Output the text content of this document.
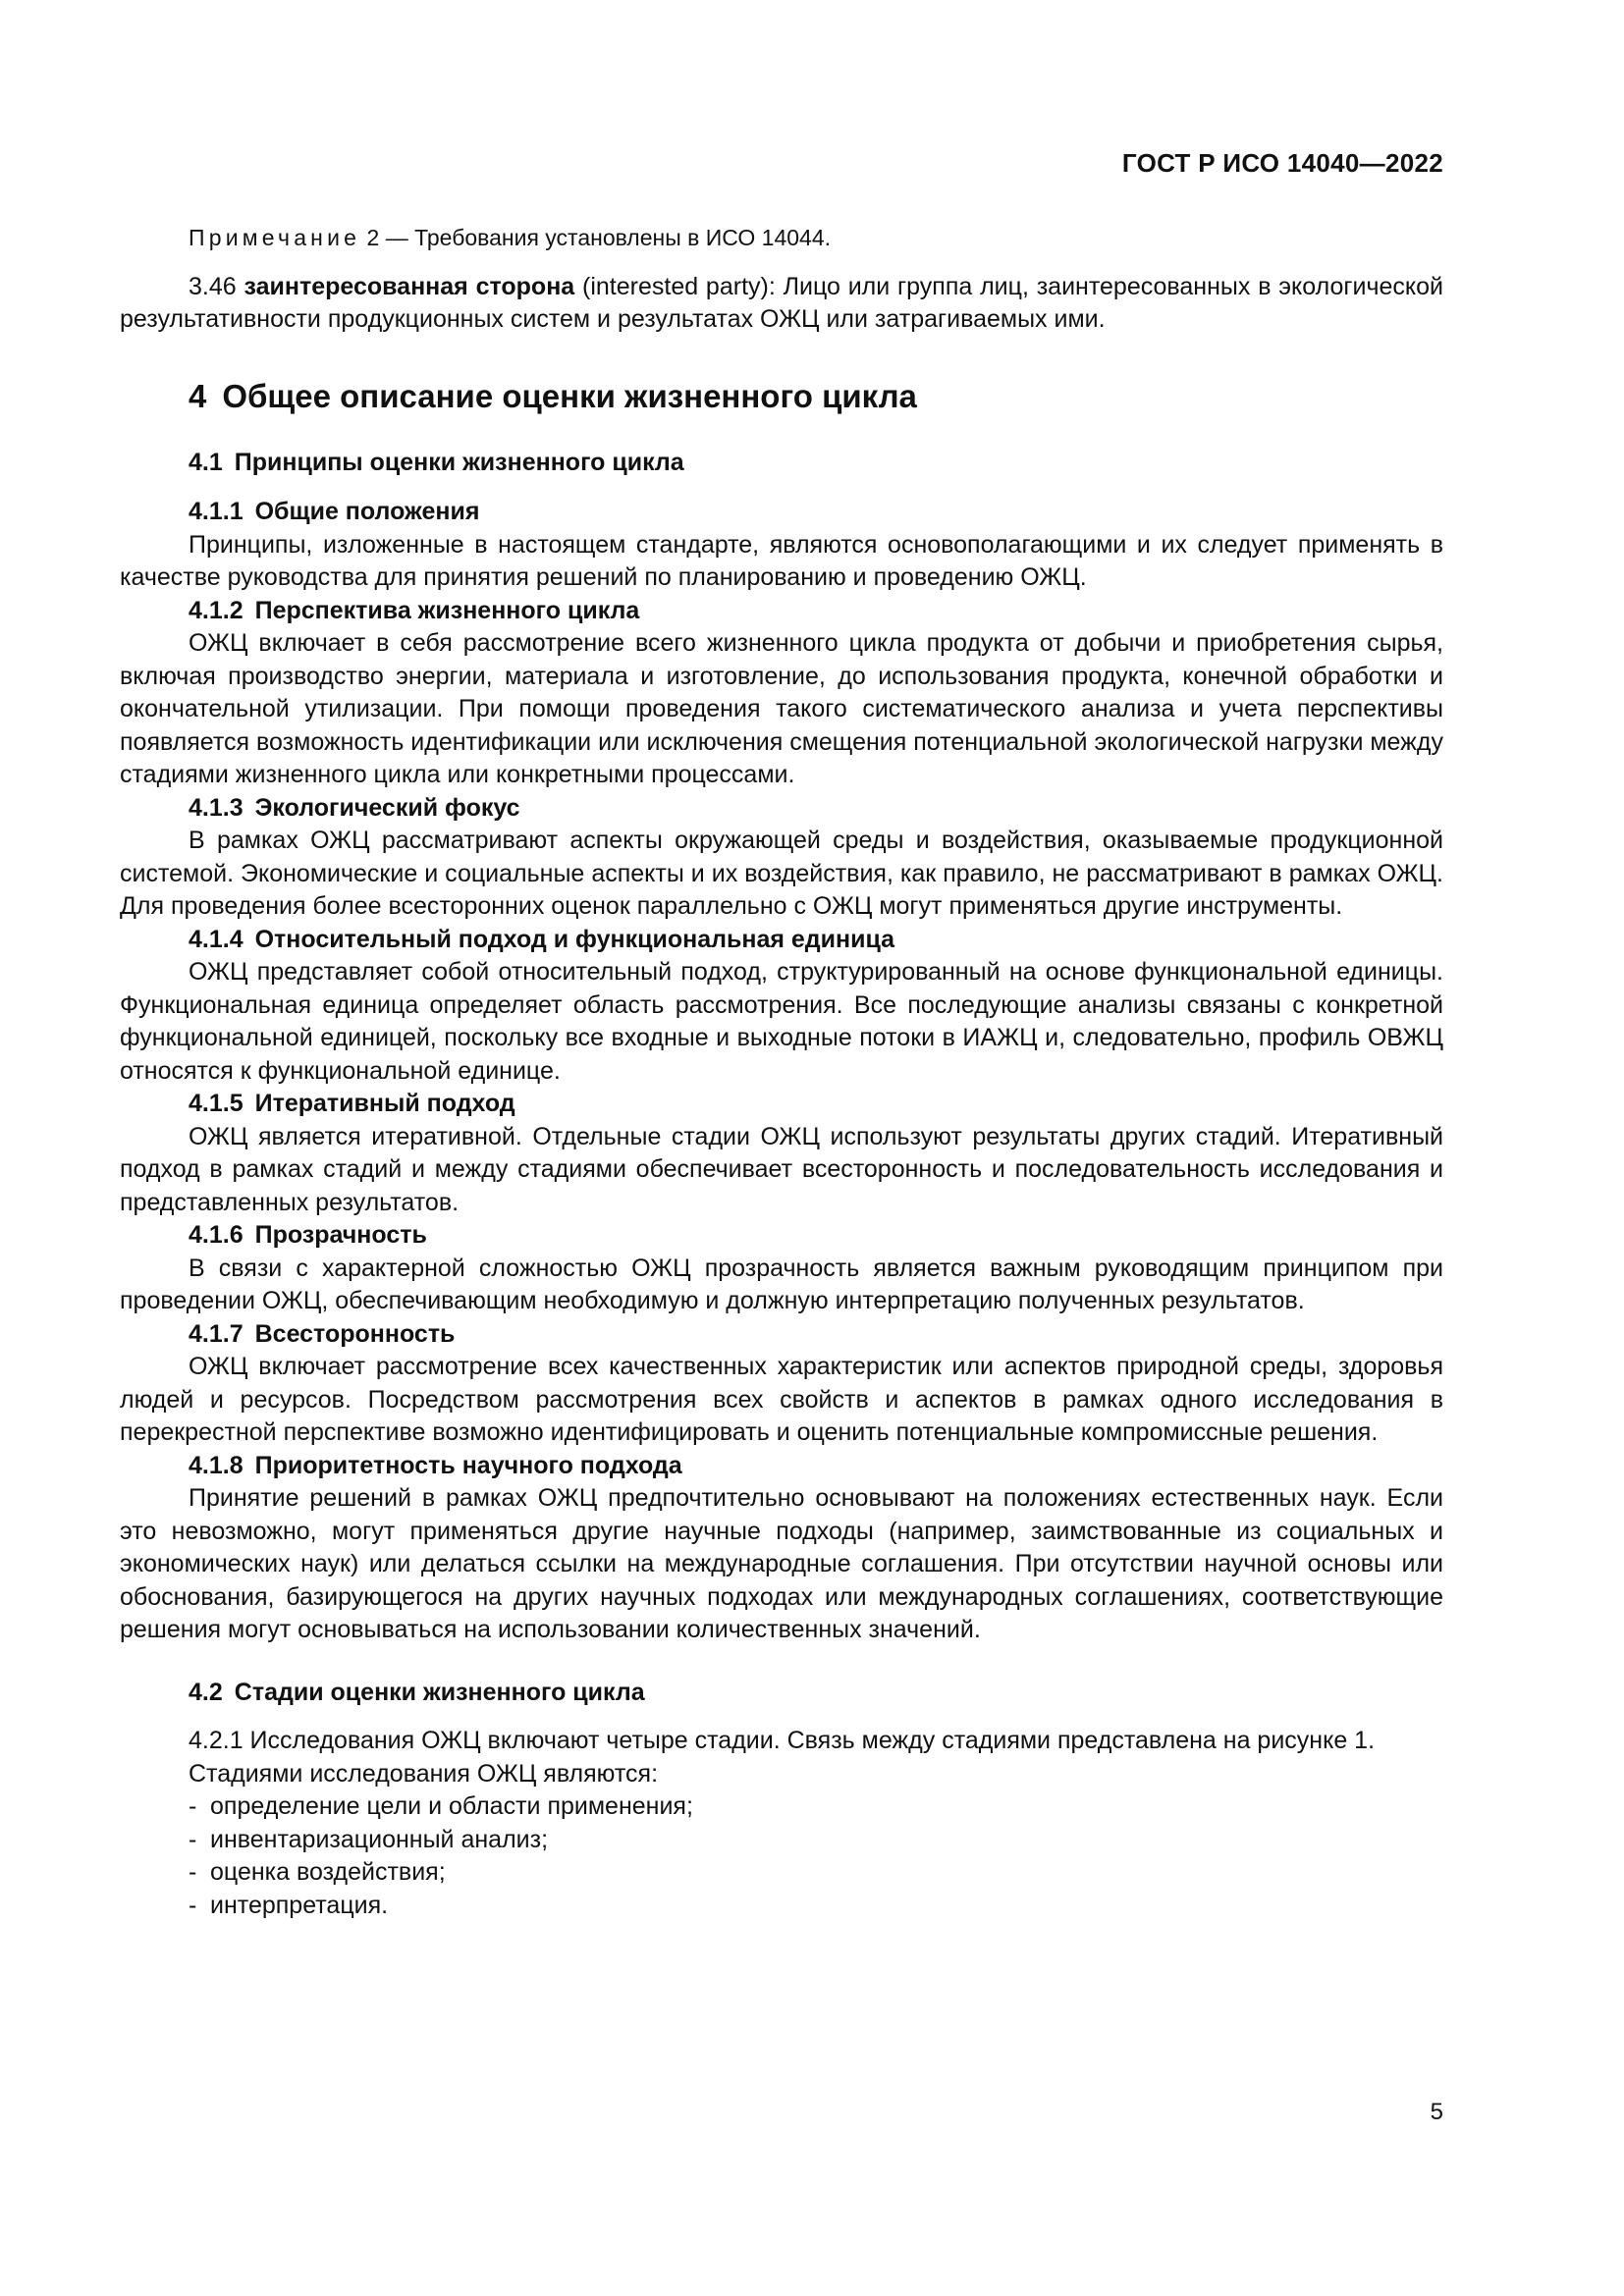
ГОСТ Р ИСО 14040—2022

Примечание 2 — Требования установлены в ИСО 14044.

3.46 заинтересованная сторона (interested party): Лицо или группа лиц, заинтересованных в экологической результативности продукционных систем и результатах ОЖЦ или затрагиваемых ими.

4 Общее описание оценки жизненного цикла
4.1 Принципы оценки жизненного цикла
4.1.1 Общие положения

Принципы, изложенные в настоящем стандарте, являются основополагающими и их следует применять в качестве руководства для принятия решений по планированию и проведению ОЖЦ.

4.1.2 Перспектива жизненного цикла

ОЖЦ включает в себя рассмотрение всего жизненного цикла продукта от добычи и приобретения сырья, включая производство энергии, материала и изготовление, до использования продукта, конечной обработки и окончательной утилизации. При помощи проведения такого систематического анализа и учета перспективы появляется возможность идентификации или исключения смещения потенциальной экологической нагрузки между стадиями жизненного цикла или конкретными процессами.

4.1.3 Экологический фокус

В рамках ОЖЦ рассматривают аспекты окружающей среды и воздействия, оказываемые продукционной системой. Экономические и социальные аспекты и их воздействия, как правило, не рассматривают в рамках ОЖЦ. Для проведения более всесторонних оценок параллельно с ОЖЦ могут применяться другие инструменты.

4.1.4 Относительный подход и функциональная единица

ОЖЦ представляет собой относительный подход, структурированный на основе функциональной единицы. Функциональная единица определяет область рассмотрения. Все последующие анализы связаны с конкретной функциональной единицей, поскольку все входные и выходные потоки в ИАЖЦ и, следовательно, профиль ОВЖЦ относятся к функциональной единице.

4.1.5 Итеративный подход

ОЖЦ является итеративной. Отдельные стадии ОЖЦ используют результаты других стадий. Итеративный подход в рамках стадий и между стадиями обеспечивает всесторонность и последовательность исследования и представленных результатов.

4.1.6 Прозрачность

В связи с характерной сложностью ОЖЦ прозрачность является важным руководящим принципом при проведении ОЖЦ, обеспечивающим необходимую и должную интерпретацию полученных результатов.

4.1.7 Всесторонность

ОЖЦ включает рассмотрение всех качественных характеристик или аспектов природной среды, здоровья людей и ресурсов. Посредством рассмотрения всех свойств и аспектов в рамках одного исследования в перекрестной перспективе возможно идентифицировать и оценить потенциальные компромиссные решения.

4.1.8 Приоритетность научного подхода

Принятие решений в рамках ОЖЦ предпочтительно основывают на положениях естественных наук. Если это невозможно, могут применяться другие научные подходы (например, заимствованные из социальных и экономических наук) или делаться ссылки на международные соглашения. При отсутствии научной основы или обоснования, базирующегося на других научных подходах или международных соглашениях, соответствующие решения могут основываться на использовании количественных значений.

4.2 Стадии оценки жизненного цикла

4.2.1 Исследования ОЖЦ включают четыре стадии. Связь между стадиями представлена на рисунке 1.

Стадиями исследования ОЖЦ являются:

- определение цели и области применения;
- инвентаризационный анализ;
- оценка воздействия;
- интерпретация.
5
